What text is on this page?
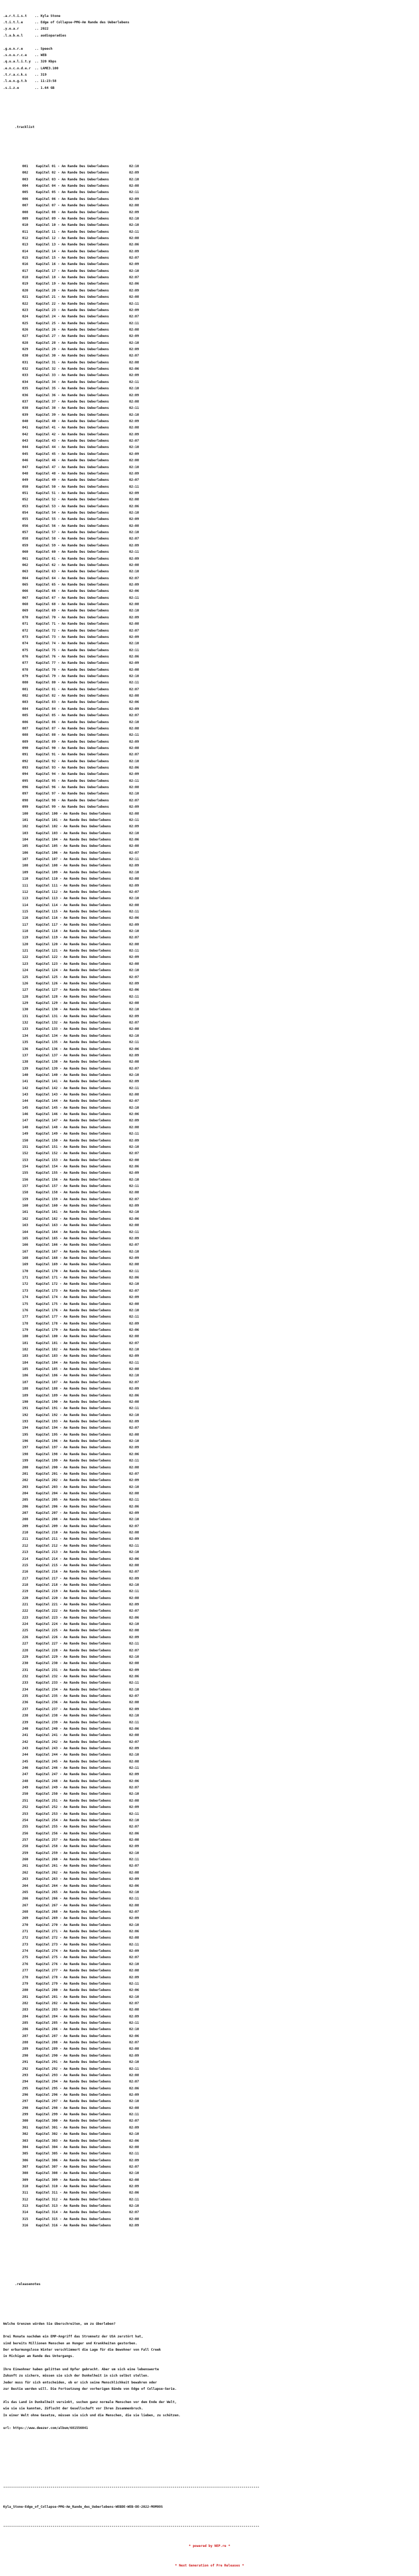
.a.r.t.i.s.t    .. Kyla Stone
.t.i.t.l.e      .. Edge of Collapse-PMG-Am Rande des Ueberlebens
.y.e.a.r        .. 2022
.l.a.b.e.l      .. audioparadies
.g.e.n.r.e      .. Speech
.s.o.u.r.c.e    .. WEB
.q.u.a.l.i.t.y  .. 320 Kbps
.e.n.c.o.d.e.r  .. LAME3.100
.t.r.a.c.k.s    .. 319
.l.e.n.g.t.h    .. 11:23:58
.s.i.z.e        .. 1.64 GB

.tracklist

001 Kapitel 01 - Am Rande Des Ueberlebens	02:10
002 Kapitel 02 - Am Rande Des Ueberlebens	02:09
003 Kapitel 03 - Am Rande Des Ueberlebens	02:10
004 Kapitel 04 - Am Rande Des Ueberlebens	02:08
005 Kapitel 05 - Am Rande Des Ueberlebens	02:11
006 Kapitel 06 - Am Rande Des Ueberlebens	02:09
007 Kapitel 07 - Am Rande Des Ueberlebens	02:08
008 Kapitel 08 - Am Rande Des Ueberlebens	02:09
009 Kapitel 09 - Am Rande Des Ueberlebens	02:10
010 Kapitel 10 - Am Rande Des Ueberlebens	02:10
011 Kapitel 11 - Am Rande Des Ueberlebens	02:11
012 Kapitel 12 - Am Rande Des Ueberlebens	02:08
013 Kapitel 13 - Am Rande Des Ueberlebens	02:06
014 Kapitel 14 - Am Rande Des Ueberlebens	02:09
015 Kapitel 15 - Am Rande Des Ueberlebens	02:07
016 Kapitel 16 - Am Rande Des Ueberlebens	02:09
017 Kapitel 17 - Am Rande Des Ueberlebens	02:10
018 Kapitel 18 - Am Rande Des Ueberlebens	02:07
019 Kapitel 19 - Am Rande Des Ueberlebens	02:06
020 Kapitel 20 - Am Rande Des Ueberlebens	02:09
021 Kapitel 21 - Am Rande Des Ueberlebens	02:08
022 Kapitel 22 - Am Rande Des Ueberlebens	02:11
023 Kapitel 23 - Am Rande Des Ueberlebens	02:09
024 Kapitel 24 - Am Rande Des Ueberlebens	02:07
025 Kapitel 25 - Am Rande Des Ueberlebens	02:11
026 Kapitel 26 - Am Rande Des Ueberlebens	02:08
027 Kapitel 27 - Am Rande Des Ueberlebens	02:09
028 Kapitel 28 - Am Rande Des Ueberlebens	02:10
029 Kapitel 29 - Am Rande Des Ueberlebens	02:09
030 Kapitel 30 - Am Rande Des Ueberlebens	02:07
031 Kapitel 31 - Am Rande Des Ueberlebens	02:08
032 Kapitel 32 - Am Rande Des Ueberlebens	02:06
033 Kapitel 33 - Am Rande Des Ueberlebens	02:09
034 Kapitel 34 - Am Rande Des Ueberlebens	02:11
035 Kapitel 35 - Am Rande Des Ueberlebens	02:10
036 Kapitel 36 - Am Rande Des Ueberlebens	02:09
037 Kapitel 37 - Am Rande Des Ueberlebens	02:08
038 Kapitel 38 - Am Rande Des Ueberlebens	02:11
039 Kapitel 39 - Am Rande Des Ueberlebens	02:10
040 Kapitel 40 - Am Rande Des Ueberlebens	02:09
041 Kapitel 41 - Am Rande Des Ueberlebens	02:08
042 Kapitel 42 - Am Rande Des Ueberlebens	02:09
043 Kapitel 43 - Am Rande Des Ueberlebens	02:07
044 Kapitel 44 - Am Rande Des Ueberlebens	02:10
045 Kapitel 45 - Am Rande Des Ueberlebens	02:09
046 Kapitel 46 - Am Rande Des Ueberlebens	02:08
047 Kapitel 47 - Am Rande Des Ueberlebens	02:10
048 Kapitel 48 - Am Rande Des Ueberlebens	02:09
049 Kapitel 49 - Am Rande Des Ueberlebens	02:07
050 Kapitel 50 - Am Rande Des Ueberlebens	02:11
051 Kapitel 51 - Am Rande Des Ueberlebens	02:09
052 Kapitel 52 - Am Rande Des Ueberlebens	02:08
053 Kapitel 53 - Am Rande Des Ueberlebens	02:06
054 Kapitel 54 - Am Rande Des Ueberlebens	02:10
055 Kapitel 55 - Am Rande Des Ueberlebens	02:09
056 Kapitel 56 - Am Rande Des Ueberlebens	02:08
057 Kapitel 57 - Am Rande Des Ueberlebens	02:10
058 Kapitel 58 - Am Rande Des Ueberlebens	02:07
059 Kapitel 59 - Am Rande Des Ueberlebens	02:09
060 Kapitel 60 - Am Rande Des Ueberlebens	02:11
061 Kapitel 61 - Am Rande Des Ueberlebens	02:09
062 Kapitel 62 - Am Rande Des Ueberlebens	02:08
063 Kapitel 63 - Am Rande Des Ueberlebens	02:10
064 Kapitel 64 - Am Rande Des Ueberlebens	02:07
065 Kapitel 65 - Am Rande Des Ueberlebens	02:09
066 Kapitel 66 - Am Rande Des Ueberlebens	02:06
067 Kapitel 67 - Am Rande Des Ueberlebens	02:11
068 Kapitel 68 - Am Rande Des Ueberlebens	02:08
069 Kapitel 69 - Am Rande Des Ueberlebens	02:10
070 Kapitel 70 - Am Rande Des Ueberlebens	02:09
071 Kapitel 71 - Am Rande Des Ueberlebens	02:08
072 Kapitel 72 - Am Rande Des Ueberlebens	02:07
073 Kapitel 73 - Am Rande Des Ueberlebens	02:09
074 Kapitel 74 - Am Rande Des Ueberlebens	02:10
075 Kapitel 75 - Am Rande Des Ueberlebens	02:11
076 Kapitel 76 - Am Rande Des Ueberlebens	02:06
077 Kapitel 77 - Am Rande Des Ueberlebens	02:09
078 Kapitel 78 - Am Rande Des Ueberlebens	02:08
079 Kapitel 79 - Am Rande Des Ueberlebens	02:10
080 Kapitel 80 - Am Rande Des Ueberlebens	02:11
081 Kapitel 81 - Am Rande Des Ueberlebens	02:07
082 Kapitel 82 - Am Rande Des Ueberlebens	02:08
083 Kapitel 83 - Am Rande Des Ueberlebens	02:06
084 Kapitel 84 - Am Rande Des Ueberlebens	02:09
085 Kapitel 85 - Am Rande Des Ueberlebens	02:07
086 Kapitel 86 - Am Rande Des Ueberlebens	02:10
087 Kapitel 87 - Am Rande Des Ueberlebens	02:08
088 Kapitel 88 - Am Rande Des Ueberlebens	02:11
089 Kapitel 89 - Am Rande Des Ueberlebens	02:09
090 Kapitel 90 - Am Rande Des Ueberlebens	02:08
091 Kapitel 91 - Am Rande Des Ueberlebens	02:07
092 Kapitel 92 - Am Rande Des Ueberlebens	02:10
093 Kapitel 93 - Am Rande Des Ueberlebens	02:06
094 Kapitel 94 - Am Rande Des Ueberlebens	02:09
095 Kapitel 95 - Am Rande Des Ueberlebens	02:11
096 Kapitel 96 - Am Rande Des Ueberlebens	02:08
097 Kapitel 97 - Am Rande Des Ueberlebens	02:10
098 Kapitel 98 - Am Rande Des Ueberlebens	02:07
099 Kapitel 99 - Am Rande Des Ueberlebens	02:09
100 Kapitel 100 - Am Rande Des Ueberlebens	02:08
101 Kapitel 101 - Am Rande Des Ueberlebens	02:11
102 Kapitel 102 - Am Rande Des Ueberlebens	02:09
103 Kapitel 103 - Am Rande Des Ueberlebens	02:10
104 Kapitel 104 - Am Rande Des Ueberlebens	02:06
105 Kapitel 105 - Am Rande Des Ueberlebens	02:08
106 Kapitel 106 - Am Rande Des Ueberlebens	02:07
107 Kapitel 107 - Am Rande Des Ueberlebens	02:11
108 Kapitel 108 - Am Rande Des Ueberlebens	02:09
109 Kapitel 109 - Am Rande Des Ueberlebens	02:10
110 Kapitel 110 - Am Rande Des Ueberlebens	02:08
111 Kapitel 111 - Am Rande Des Ueberlebens	02:09
112 Kapitel 112 - Am Rande Des Ueberlebens	02:07
113 Kapitel 113 - Am Rande Des Ueberlebens	02:10
114 Kapitel 114 - Am Rande Des Ueberlebens	02:08
115 Kapitel 115 - Am Rande Des Ueberlebens	02:11
116 Kapitel 116 - Am Rande Des Ueberlebens	02:06
117 Kapitel 117 - Am Rande Des Ueberlebens	02:09
118 Kapitel 118 - Am Rande Des Ueberlebens	02:10
119 Kapitel 119 - Am Rande Des Ueberlebens	02:07
120 Kapitel 120 - Am Rande Des Ueberlebens	02:08
121 Kapitel 121 - Am Rande Des Ueberlebens	02:11
122 Kapitel 122 - Am Rande Des Ueberlebens	02:09
123 Kapitel 123 - Am Rande Des Ueberlebens	02:08
124 Kapitel 124 - Am Rande Des Ueberlebens	02:10
125 Kapitel 125 - Am Rande Des Ueberlebens	02:07
126 Kapitel 126 - Am Rande Des Ueberlebens	02:09
127 Kapitel 127 - Am Rande Des Ueberlebens	02:06
128 Kapitel 128 - Am Rande Des Ueberlebens	02:11
129 Kapitel 129 - Am Rande Des Ueberlebens	02:08
130 Kapitel 130 - Am Rande Des Ueberlebens	02:10
131 Kapitel 131 - Am Rande Des Ueberlebens	02:09
132 Kapitel 132 - Am Rande Des Ueberlebens	02:07
133 Kapitel 133 - Am Rande Des Ueberlebens	02:08
134 Kapitel 134 - Am Rande Des Ueberlebens	02:10
135 Kapitel 135 - Am Rande Des Ueberlebens	02:11
136 Kapitel 136 - Am Rande Des Ueberlebens	02:06
137 Kapitel 137 - Am Rande Des Ueberlebens	02:09
138 Kapitel 138 - Am Rande Des Ueberlebens	02:08
139 Kapitel 139 - Am Rande Des Ueberlebens	02:07
140 Kapitel 140 - Am Rande Des Ueberlebens	02:10
141 Kapitel 141 - Am Rande Des Ueberlebens	02:09
142 Kapitel 142 - Am Rande Des Ueberlebens	02:11
143 Kapitel 143 - Am Rande Des Ueberlebens	02:08
144 Kapitel 144 - Am Rande Des Ueberlebens	02:07
145 Kapitel 145 - Am Rande Des Ueberlebens	02:10
146 Kapitel 146 - Am Rande Des Ueberlebens	02:06
147 Kapitel 147 - Am Rande Des Ueberlebens	02:09
148 Kapitel 148 - Am Rande Des Ueberlebens	02:08
149 Kapitel 149 - Am Rande Des Ueberlebens	02:11
150 Kapitel 150 - Am Rande Des Ueberlebens	02:09
151 Kapitel 151 - Am Rande Des Ueberlebens	02:10
152 Kapitel 152 - Am Rande Des Ueberlebens	02:07
153 Kapitel 153 - Am Rande Des Ueberlebens	02:08
154 Kapitel 154 - Am Rande Des Ueberlebens	02:06
155 Kapitel 155 - Am Rande Des Ueberlebens	02:09
156 Kapitel 156 - Am Rande Des Ueberlebens	02:10
157 Kapitel 157 - Am Rande Des Ueberlebens	02:11
158 Kapitel 158 - Am Rande Des Ueberlebens	02:08
159 Kapitel 159 - Am Rande Des Ueberlebens	02:07
160 Kapitel 160 - Am Rande Des Ueberlebens	02:09
161 Kapitel 161 - Am Rande Des Ueberlebens	02:10
162 Kapitel 162 - Am Rande Des Ueberlebens	02:06
163 Kapitel 163 - Am Rande Des Ueberlebens	02:08
164 Kapitel 164 - Am Rande Des Ueberlebens	02:11
165 Kapitel 165 - Am Rande Des Ueberlebens	02:09
166 Kapitel 166 - Am Rande Des Ueberlebens	02:07
167 Kapitel 167 - Am Rande Des Ueberlebens	02:10
168 Kapitel 168 - Am Rande Des Ueberlebens	02:09
169 Kapitel 169 - Am Rande Des Ueberlebens	02:08
170 Kapitel 170 - Am Rande Des Ueberlebens	02:11
171 Kapitel 171 - Am Rande Des Ueberlebens	02:06
172 Kapitel 172 - Am Rande Des Ueberlebens	02:10
173 Kapitel 173 - Am Rande Des Ueberlebens	02:07
174 Kapitel 174 - Am Rande Des Ueberlebens	02:09
175 Kapitel 175 - Am Rande Des Ueberlebens	02:08
176 Kapitel 176 - Am Rande Des Ueberlebens	02:10
177 Kapitel 177 - Am Rande Des Ueberlebens	02:11
178 Kapitel 178 - Am Rande Des Ueberlebens	02:09
179 Kapitel 179 - Am Rande Des Ueberlebens	02:06
180 Kapitel 180 - Am Rande Des Ueberlebens	02:08
181 Kapitel 181 - Am Rande Des Ueberlebens	02:07
182 Kapitel 182 - Am Rande Des Ueberlebens	02:10
183 Kapitel 183 - Am Rande Des Ueberlebens	02:09
184 Kapitel 184 - Am Rande Des Ueberlebens	02:11
185 Kapitel 185 - Am Rande Des Ueberlebens	02:08
186 Kapitel 186 - Am Rande Des Ueberlebens	02:10
187 Kapitel 187 - Am Rande Des Ueberlebens	02:07
188 Kapitel 188 - Am Rande Des Ueberlebens	02:09
189 Kapitel 189 - Am Rande Des Ueberlebens	02:06
190 Kapitel 190 - Am Rande Des Ueberlebens	02:08
191 Kapitel 191 - Am Rande Des Ueberlebens	02:11
192 Kapitel 192 - Am Rande Des Ueberlebens	02:10
193 Kapitel 193 - Am Rande Des Ueberlebens	02:09
194 Kapitel 194 - Am Rande Des Ueberlebens	02:07
195 Kapitel 195 - Am Rande Des Ueberlebens	02:08
196 Kapitel 196 - Am Rande Des Ueberlebens	02:10
197 Kapitel 197 - Am Rande Des Ueberlebens	02:09
198 Kapitel 198 - Am Rande Des Ueberlebens	02:06
199 Kapitel 199 - Am Rande Des Ueberlebens	02:11
200 Kapitel 200 - Am Rande Des Ueberlebens	02:08
201 Kapitel 201 - Am Rande Des Ueberlebens	02:07
202 Kapitel 202 - Am Rande Des Ueberlebens	02:09
203 Kapitel 203 - Am Rande Des Ueberlebens	02:10
204 Kapitel 204 - Am Rande Des Ueberlebens	02:08
205 Kapitel 205 - Am Rande Des Ueberlebens	02:11
206 Kapitel 206 - Am Rande Des Ueberlebens	02:06
207 Kapitel 207 - Am Rande Des Ueberlebens	02:09
208 Kapitel 208 - Am Rande Des Ueberlebens	02:10
209 Kapitel 209 - Am Rande Des Ueberlebens	02:07
210 Kapitel 210 - Am Rande Des Ueberlebens	02:08
211 Kapitel 211 - Am Rande Des Ueberlebens	02:09
212 Kapitel 212 - Am Rande Des Ueberlebens	02:11
213 Kapitel 213 - Am Rande Des Ueberlebens	02:10
214 Kapitel 214 - Am Rande Des Ueberlebens	02:06
215 Kapitel 215 - Am Rande Des Ueberlebens	02:08
216 Kapitel 216 - Am Rande Des Ueberlebens	02:07
217 Kapitel 217 - Am Rande Des Ueberlebens	02:09
218 Kapitel 218 - Am Rande Des Ueberlebens	02:10
219 Kapitel 219 - Am Rande Des Ueberlebens	02:11
220 Kapitel 220 - Am Rande Des Ueberlebens	02:08
221 Kapitel 221 - Am Rande Des Ueberlebens	02:09
222 Kapitel 222 - Am Rande Des Ueberlebens	02:07
223 Kapitel 223 - Am Rande Des Ueberlebens	02:06
224 Kapitel 224 - Am Rande Des Ueberlebens	02:10
225 Kapitel 225 - Am Rande Des Ueberlebens	02:08
226 Kapitel 226 - Am Rande Des Ueberlebens	02:09
227 Kapitel 227 - Am Rande Des Ueberlebens	02:11
228 Kapitel 228 - Am Rande Des Ueberlebens	02:07
229 Kapitel 229 - Am Rande Des Ueberlebens	02:10
230 Kapitel 230 - Am Rande Des Ueberlebens	02:08
231 Kapitel 231 - Am Rande Des Ueberlebens	02:09
232 Kapitel 232 - Am Rande Des Ueberlebens	02:06
233 Kapitel 233 - Am Rande Des Ueberlebens	02:11
234 Kapitel 234 - Am Rande Des Ueberlebens	02:10
235 Kapitel 235 - Am Rande Des Ueberlebens	02:07
236 Kapitel 236 - Am Rande Des Ueberlebens	02:08
237 Kapitel 237 - Am Rande Des Ueberlebens	02:09
238 Kapitel 238 - Am Rande Des Ueberlebens	02:10
239 Kapitel 239 - Am Rande Des Ueberlebens	02:11
240 Kapitel 240 - Am Rande Des Ueberlebens	02:06
241 Kapitel 241 - Am Rande Des Ueberlebens	02:08
242 Kapitel 242 - Am Rande Des Ueberlebens	02:07
243 Kapitel 243 - Am Rande Des Ueberlebens	02:09
244 Kapitel 244 - Am Rande Des Ueberlebens	02:10
245 Kapitel 245 - Am Rande Des Ueberlebens	02:08
246 Kapitel 246 - Am Rande Des Ueberlebens	02:11
247 Kapitel 247 - Am Rande Des Ueberlebens	02:09
248 Kapitel 248 - Am Rande Des Ueberlebens	02:06
249 Kapitel 249 - Am Rande Des Ueberlebens	02:07
250 Kapitel 250 - Am Rande Des Ueberlebens	02:10
251 Kapitel 251 - Am Rande Des Ueberlebens	02:08
252 Kapitel 252 - Am Rande Des Ueberlebens	02:09
253 Kapitel 253 - Am Rande Des Ueberlebens	02:11
254 Kapitel 254 - Am Rande Des Ueberlebens	02:10
255 Kapitel 255 - Am Rande Des Ueberlebens	02:07
256 Kapitel 256 - Am Rande Des Ueberlebens	02:06
257 Kapitel 257 - Am Rande Des Ueberlebens	02:08
258 Kapitel 258 - Am Rande Des Ueberlebens	02:09
259 Kapitel 259 - Am Rande Des Ueberlebens	02:10
260 Kapitel 260 - Am Rande Des Ueberlebens	02:11
261 Kapitel 261 - Am Rande Des Ueberlebens	02:07
262 Kapitel 262 - Am Rande Des Ueberlebens	02:08
263 Kapitel 263 - Am Rande Des Ueberlebens	02:09
264 Kapitel 264 - Am Rande Des Ueberlebens	02:06
265 Kapitel 265 - Am Rande Des Ueberlebens	02:10
266 Kapitel 266 - Am Rande Des Ueberlebens	02:11
267 Kapitel 267 - Am Rande Des Ueberlebens	02:08
268 Kapitel 268 - Am Rande Des Ueberlebens	02:07
269 Kapitel 269 - Am Rande Des Ueberlebens	02:09
270 Kapitel 270 - Am Rande Des Ueberlebens	02:10
271 Kapitel 271 - Am Rande Des Ueberlebens	02:06
272 Kapitel 272 - Am Rande Des Ueberlebens	02:08
273 Kapitel 273 - Am Rande Des Ueberlebens	02:11
274 Kapitel 274 - Am Rande Des Ueberlebens	02:09
275 Kapitel 275 - Am Rande Des Ueberlebens	02:07
276 Kapitel 276 - Am Rande Des Ueberlebens	02:10
277 Kapitel 277 - Am Rande Des Ueberlebens	02:08
278 Kapitel 278 - Am Rande Des Ueberlebens	02:09
279 Kapitel 279 - Am Rande Des Ueberlebens	02:11
280 Kapitel 280 - Am Rande Des Ueberlebens	02:06
281 Kapitel 281 - Am Rande Des Ueberlebens	02:10
282 Kapitel 282 - Am Rande Des Ueberlebens	02:07
283 Kapitel 283 - Am Rande Des Ueberlebens	02:08
284 Kapitel 284 - Am Rande Des Ueberlebens	02:09
285 Kapitel 285 - Am Rande Des Ueberlebens	02:11
286 Kapitel 286 - Am Rande Des Ueberlebens	02:10
287 Kapitel 287 - Am Rande Des Ueberlebens	02:06
288 Kapitel 288 - Am Rande Des Ueberlebens	02:07
289 Kapitel 289 - Am Rande Des Ueberlebens	02:08
290 Kapitel 290 - Am Rande Des Ueberlebens	02:09
291 Kapitel 291 - Am Rande Des Ueberlebens	02:10
292 Kapitel 292 - Am Rande Des Ueberlebens	02:11
293 Kapitel 293 - Am Rande Des Ueberlebens	02:08
294 Kapitel 294 - Am Rande Des Ueberlebens	02:07
295 Kapitel 295 - Am Rande Des Ueberlebens	02:06
296 Kapitel 296 - Am Rande Des Ueberlebens	02:09
297 Kapitel 297 - Am Rande Des Ueberlebens	02:10
298 Kapitel 298 - Am Rande Des Ueberlebens	02:08
299 Kapitel 299 - Am Rande Des Ueberlebens	02:11
300 Kapitel 300 - Am Rande Des Ueberlebens	02:07
301 Kapitel 301 - Am Rande Des Ueberlebens	02:09
302 Kapitel 302 - Am Rande Des Ueberlebens	02:10
303 Kapitel 303 - Am Rande Des Ueberlebens	02:06
304 Kapitel 304 - Am Rande Des Ueberlebens	02:08
305 Kapitel 305 - Am Rande Des Ueberlebens	02:11
306 Kapitel 306 - Am Rande Des Ueberlebens	02:09
307 Kapitel 307 - Am Rande Des Ueberlebens	02:07
308 Kapitel 308 - Am Rande Des Ueberlebens	02:10
309 Kapitel 309 - Am Rande Des Ueberlebens	02:08
310 Kapitel 310 - Am Rande Des Ueberlebens	02:09
311 Kapitel 311 - Am Rande Des Ueberlebens	02:06
312 Kapitel 312 - Am Rande Des Ueberlebens	02:11
313 Kapitel 313 - Am Rande Des Ueberlebens	02:10
314 Kapitel 314 - Am Rande Des Ueberlebens	02:07
315 Kapitel 315 - Am Rande Des Ueberlebens	02:08
316 Kapitel 316 - Am Rande Des Ueberlebens	02:09

.releasenotes

Welche Grenzen würden Sie überschreiten, um zu überleben?
Drei Monate nachdem ein EMP-Angriff das Stromnetz der USA zerstört hat,
sind bereits Millionen Menschen an Hunger und Krankheiten gestorben.
Der erbarmungslose Winter verschlimmert die Lage für die Bewohner von Fall Creek
in Michigan am Rande des Untergangs.
Ihre Einwohner haben gelitten und Opfer gebracht. Aber um sich eine lebenswerte
Zukunft zu sichern, müssen sie sich der Dunkelheit in sich selbst stellen.
Jeder muss für sich entscheiden, ob er sich seine Menschlichkeit bewahren oder
zur Bestie werden will. Die Fortsetzung der vorherigen Bände von Edge of Collapse-Serie.
Als das Land in Dunkelheit versinkt, suchen ganz normale Menschen vor dem Ende der Welt,
wie sie sie kannten, Züflucht der Gesellschaft vor Ihren Zusammenbruch.
In einer Welt ohne Gesetze, müssen sie sich und die Menschen, die sie lieben, zu schützen.
url: https://www.deezer.com/album/681556041

----------------------------------------------------------------------------------------------------------------------------------

Kyla_Stone-Edge_of_Collapse-PMG-Am_Rande_des_Ueberlebens-WEBDE-WEB-DE-2022-MOMOOS

----------------------------------------------------------------------------------------------------------------------------------

* powered by NEP.re *

* Next Generation of Pre Releases *
